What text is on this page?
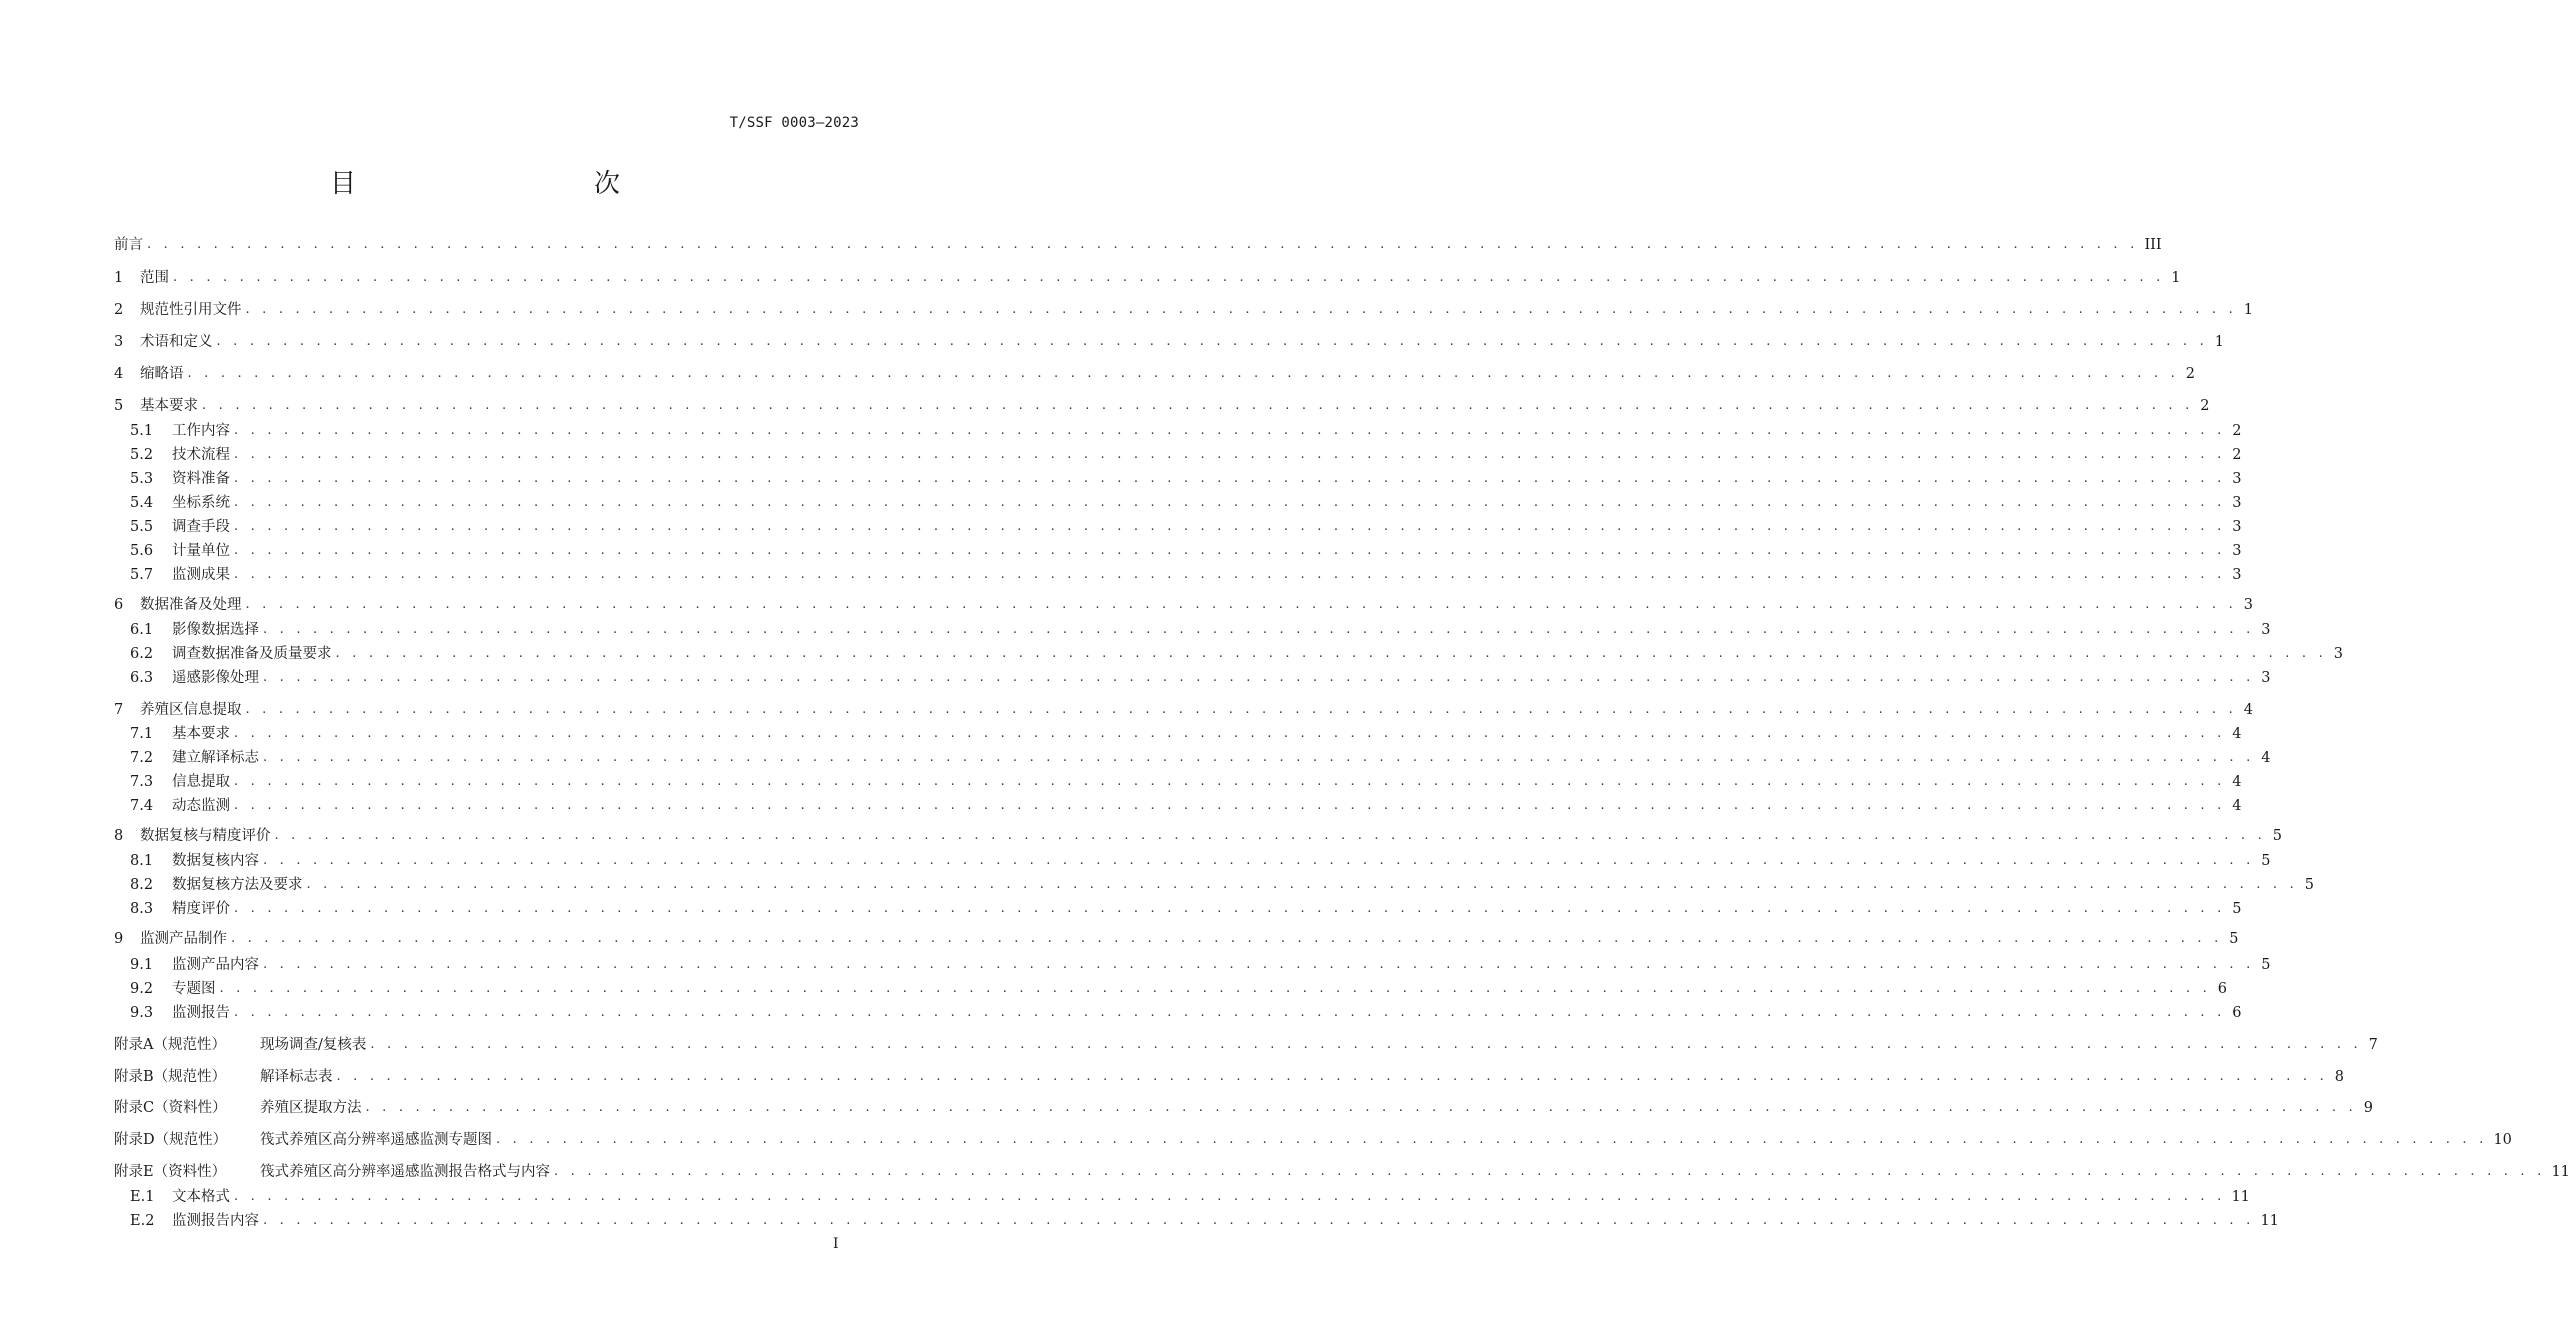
T/SSF 0003—2023
目　　次
前言 . . . . . . . . . . . . . . . . . . . . . . . . . . . . . . . . . . . . . . . . . . . . . . . . . . . . . . . . . . . . . . . . . . . . . . . . . . . . . . . . . . . . . . . . . . . . . . . . . . . . . . . . . . . . . . . . . . . . . . . . III
1	范围 . . . . . . . . . . . . . . . . . . . . . . . . . . . . . . . . . . . . . . . . . . . . . . . . . . . . . . . . . . . . . . . . . . . . . . . . . . . . . . . . . . . . . . . . . . . . . . . . . . . . . . . . . . . . . . . . . . . . . . . . 1
2	规范性引用文件 . . . . . . . . . . . . . . . . . . . . . . . . . . . . . . . . . . . . . . . . . . . . . . . . . . . . . . . . . . . . . . . . . . . . . . . . . . . . . . . . . . . . . . . . . . . . . . . . . . . . . . . . . . . . . . . . . . . . . . . . 1
3	术语和定义 . . . . . . . . . . . . . . . . . . . . . . . . . . . . . . . . . . . . . . . . . . . . . . . . . . . . . . . . . . . . . . . . . . . . . . . . . . . . . . . . . . . . . . . . . . . . . . . . . . . . . . . . . . . . . . . . . . . . . . . . 1
4	缩略语 . . . . . . . . . . . . . . . . . . . . . . . . . . . . . . . . . . . . . . . . . . . . . . . . . . . . . . . . . . . . . . . . . . . . . . . . . . . . . . . . . . . . . . . . . . . . . . . . . . . . . . . . . . . . . . . . . . . . . . . . 2
5	基本要求 . . . . . . . . . . . . . . . . . . . . . . . . . . . . . . . . . . . . . . . . . . . . . . . . . . . . . . . . . . . . . . . . . . . . . . . . . . . . . . . . . . . . . . . . . . . . . . . . . . . . . . . . . . . . . . . . . . . . . . . . 2
5.1	工作内容 . . . . . . . . . . . . . . . . . . . . . . . . . . . . . . . . . . . . . . . . . . . . . . . . . . . . . . . . . . . . . . . . . . . . . . . . . . . . . . . . . . . . . . . . . . . . . . . . . . . . . . . . . . . . . . . . . . . . . . . . 2
5.2	技术流程 . . . . . . . . . . . . . . . . . . . . . . . . . . . . . . . . . . . . . . . . . . . . . . . . . . . . . . . . . . . . . . . . . . . . . . . . . . . . . . . . . . . . . . . . . . . . . . . . . . . . . . . . . . . . . . . . . . . . . . . . 2
5.3	资料准备 . . . . . . . . . . . . . . . . . . . . . . . . . . . . . . . . . . . . . . . . . . . . . . . . . . . . . . . . . . . . . . . . . . . . . . . . . . . . . . . . . . . . . . . . . . . . . . . . . . . . . . . . . . . . . . . . . . . . . . . . 3
5.4	坐标系统 . . . . . . . . . . . . . . . . . . . . . . . . . . . . . . . . . . . . . . . . . . . . . . . . . . . . . . . . . . . . . . . . . . . . . . . . . . . . . . . . . . . . . . . . . . . . . . . . . . . . . . . . . . . . . . . . . . . . . . . . 3
5.5	调查手段 . . . . . . . . . . . . . . . . . . . . . . . . . . . . . . . . . . . . . . . . . . . . . . . . . . . . . . . . . . . . . . . . . . . . . . . . . . . . . . . . . . . . . . . . . . . . . . . . . . . . . . . . . . . . . . . . . . . . . . . . 3
5.6	计量单位 . . . . . . . . . . . . . . . . . . . . . . . . . . . . . . . . . . . . . . . . . . . . . . . . . . . . . . . . . . . . . . . . . . . . . . . . . . . . . . . . . . . . . . . . . . . . . . . . . . . . . . . . . . . . . . . . . . . . . . . . 3
5.7	监测成果 . . . . . . . . . . . . . . . . . . . . . . . . . . . . . . . . . . . . . . . . . . . . . . . . . . . . . . . . . . . . . . . . . . . . . . . . . . . . . . . . . . . . . . . . . . . . . . . . . . . . . . . . . . . . . . . . . . . . . . . . 3
6	数据准备及处理 . . . . . . . . . . . . . . . . . . . . . . . . . . . . . . . . . . . . . . . . . . . . . . . . . . . . . . . . . . . . . . . . . . . . . . . . . . . . . . . . . . . . . . . . . . . . . . . . . . . . . . . . . . . . . . . . . . . . . . . . 3
6.1	影像数据选择 . . . . . . . . . . . . . . . . . . . . . . . . . . . . . . . . . . . . . . . . . . . . . . . . . . . . . . . . . . . . . . . . . . . . . . . . . . . . . . . . . . . . . . . . . . . . . . . . . . . . . . . . . . . . . . . . . . . . . . . . 3
6.2	调查数据准备及质量要求 . . . . . . . . . . . . . . . . . . . . . . . . . . . . . . . . . . . . . . . . . . . . . . . . . . . . . . . . . . . . . . . . . . . . . . . . . . . . . . . . . . . . . . . . . . . . . . . . . . . . . . . . . . . . . . . . . . . . . . . . 3
6.3	遥感影像处理 . . . . . . . . . . . . . . . . . . . . . . . . . . . . . . . . . . . . . . . . . . . . . . . . . . . . . . . . . . . . . . . . . . . . . . . . . . . . . . . . . . . . . . . . . . . . . . . . . . . . . . . . . . . . . . . . . . . . . . . . 3
7	养殖区信息提取 . . . . . . . . . . . . . . . . . . . . . . . . . . . . . . . . . . . . . . . . . . . . . . . . . . . . . . . . . . . . . . . . . . . . . . . . . . . . . . . . . . . . . . . . . . . . . . . . . . . . . . . . . . . . . . . . . . . . . . . . 4
7.1	基本要求 . . . . . . . . . . . . . . . . . . . . . . . . . . . . . . . . . . . . . . . . . . . . . . . . . . . . . . . . . . . . . . . . . . . . . . . . . . . . . . . . . . . . . . . . . . . . . . . . . . . . . . . . . . . . . . . . . . . . . . . . 4
7.2	建立解译标志 . . . . . . . . . . . . . . . . . . . . . . . . . . . . . . . . . . . . . . . . . . . . . . . . . . . . . . . . . . . . . . . . . . . . . . . . . . . . . . . . . . . . . . . . . . . . . . . . . . . . . . . . . . . . . . . . . . . . . . . . 4
7.3	信息提取 . . . . . . . . . . . . . . . . . . . . . . . . . . . . . . . . . . . . . . . . . . . . . . . . . . . . . . . . . . . . . . . . . . . . . . . . . . . . . . . . . . . . . . . . . . . . . . . . . . . . . . . . . . . . . . . . . . . . . . . . 4
7.4	动态监测 . . . . . . . . . . . . . . . . . . . . . . . . . . . . . . . . . . . . . . . . . . . . . . . . . . . . . . . . . . . . . . . . . . . . . . . . . . . . . . . . . . . . . . . . . . . . . . . . . . . . . . . . . . . . . . . . . . . . . . . . 4
8	数据复核与精度评价 . . . . . . . . . . . . . . . . . . . . . . . . . . . . . . . . . . . . . . . . . . . . . . . . . . . . . . . . . . . . . . . . . . . . . . . . . . . . . . . . . . . . . . . . . . . . . . . . . . . . . . . . . . . . . . . . . . . . . . . . 5
8.1	数据复核内容 . . . . . . . . . . . . . . . . . . . . . . . . . . . . . . . . . . . . . . . . . . . . . . . . . . . . . . . . . . . . . . . . . . . . . . . . . . . . . . . . . . . . . . . . . . . . . . . . . . . . . . . . . . . . . . . . . . . . . . . . 5
8.2	数据复核方法及要求 . . . . . . . . . . . . . . . . . . . . . . . . . . . . . . . . . . . . . . . . . . . . . . . . . . . . . . . . . . . . . . . . . . . . . . . . . . . . . . . . . . . . . . . . . . . . . . . . . . . . . . . . . . . . . . . . . . . . . . . . 5
8.3	精度评价 . . . . . . . . . . . . . . . . . . . . . . . . . . . . . . . . . . . . . . . . . . . . . . . . . . . . . . . . . . . . . . . . . . . . . . . . . . . . . . . . . . . . . . . . . . . . . . . . . . . . . . . . . . . . . . . . . . . . . . . . 5
9	监测产品制作 . . . . . . . . . . . . . . . . . . . . . . . . . . . . . . . . . . . . . . . . . . . . . . . . . . . . . . . . . . . . . . . . . . . . . . . . . . . . . . . . . . . . . . . . . . . . . . . . . . . . . . . . . . . . . . . . . . . . . . . . 5
9.1	监测产品内容 . . . . . . . . . . . . . . . . . . . . . . . . . . . . . . . . . . . . . . . . . . . . . . . . . . . . . . . . . . . . . . . . . . . . . . . . . . . . . . . . . . . . . . . . . . . . . . . . . . . . . . . . . . . . . . . . . . . . . . . . 5
9.2	专题图 . . . . . . . . . . . . . . . . . . . . . . . . . . . . . . . . . . . . . . . . . . . . . . . . . . . . . . . . . . . . . . . . . . . . . . . . . . . . . . . . . . . . . . . . . . . . . . . . . . . . . . . . . . . . . . . . . . . . . . . . 6
9.3	监测报告 . . . . . . . . . . . . . . . . . . . . . . . . . . . . . . . . . . . . . . . . . . . . . . . . . . . . . . . . . . . . . . . . . . . . . . . . . . . . . . . . . . . . . . . . . . . . . . . . . . . . . . . . . . . . . . . . . . . . . . . . 6
附录A（规范性）	现场调查/复核表 . . . . . . . . . . . . . . . . . . . . . . . . . . . . . . . . . . . . . . . . . . . . . . . . . . . . . . . . . . . . . . . . . . . . . . . . . . . . . . . . . . . . . . . . . . . . . . . . . . . . . . . . . . . . . . . . . . . . . . . . 7
附录B（规范性）	解译标志表 . . . . . . . . . . . . . . . . . . . . . . . . . . . . . . . . . . . . . . . . . . . . . . . . . . . . . . . . . . . . . . . . . . . . . . . . . . . . . . . . . . . . . . . . . . . . . . . . . . . . . . . . . . . . . . . . . . . . . . . . 8
附录C（资料性）	养殖区提取方法 . . . . . . . . . . . . . . . . . . . . . . . . . . . . . . . . . . . . . . . . . . . . . . . . . . . . . . . . . . . . . . . . . . . . . . . . . . . . . . . . . . . . . . . . . . . . . . . . . . . . . . . . . . . . . . . . . . . . . . . . 9
附录D（规范性）	筏式养殖区高分辨率遥感监测专题图 . . . . . . . . . . . . . . . . . . . . . . . . . . . . . . . . . . . . . . . . . . . . . . . . . . . . . . . . . . . . . . . . . . . . . . . . . . . . . . . . . . . . . . . . . . . . . . . . . . . . . . . . . . . . . . . . . . . . . . . . 10
附录E（资料性）	筏式养殖区高分辨率遥感监测报告格式与内容 . . . . . . . . . . . . . . . . . . . . . . . . . . . . . . . . . . . . . . . . . . . . . . . . . . . . . . . . . . . . . . . . . . . . . . . . . . . . . . . . . . . . . . . . . . . . . . . . . . . . . . . . . . . . . . . . . . . . . . . . 11
E.1	文本格式 . . . . . . . . . . . . . . . . . . . . . . . . . . . . . . . . . . . . . . . . . . . . . . . . . . . . . . . . . . . . . . . . . . . . . . . . . . . . . . . . . . . . . . . . . . . . . . . . . . . . . . . . . . . . . . . . . . . . . . . . 11
E.2	监测报告内容 . . . . . . . . . . . . . . . . . . . . . . . . . . . . . . . . . . . . . . . . . . . . . . . . . . . . . . . . . . . . . . . . . . . . . . . . . . . . . . . . . . . . . . . . . . . . . . . . . . . . . . . . . . . . . . . . . . . . . . . . 11
I
